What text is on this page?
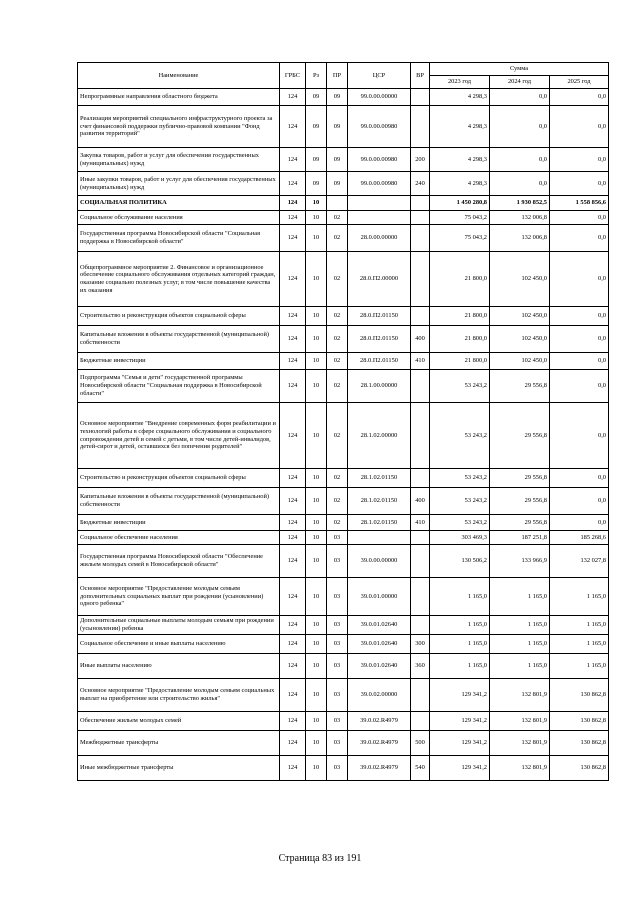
Наименование	ГРБС	Рз	ПР	ЦСР	ВР	Сумма		
						2023 год	2024 год	2025 год
Непрограммные направления областного бюджета	124	09	09	99.0.00.00000		4 298,3	0,0	0,0
Реализация мероприятий специального инфраструктурного проекта за счет финансовой поддержки публично-правовой компании "Фонд развития территорий"	124	09	09	99.0.00.00980		4 298,3	0,0	0,0
Закупка товаров, работ и услуг для обеспечения государственных (муниципальных) нужд	124	09	09	99.0.00.00980	200	4 298,3	0,0	0,0
Иные закупки товаров, работ и услуг для обеспечения государственных (муниципальных) нужд	124	09	09	99.0.00.00980	240	4 298,3	0,0	0,0
СОЦИАЛЬНАЯ ПОЛИТИКА	124	10				1 450 280,8	1 930 852,5	1 558 856,6
Социальное обслуживание населения	124	10	02			75 043,2	132 006,8	0,0
Государственная программа Новосибирской области "Социальная поддержка в Новосибирской области"	124	10	02	28.0.00.00000		75 043,2	132 006,8	0,0
Общепрограммное мероприятие 2. Финансовое и организационное обеспечение социального обслуживания отдельных категорий граждан, оказание социально полезных услуг, в том числе повышение качества их оказания	124	10	02	28.0.П2.00000		21 800,0	102 450,0	0,0
Строительство и реконструкция объектов социальной сферы	124	10	02	28.0.П2.01150		21 800,0	102 450,0	0,0
Капитальные вложения в объекты государственной (муниципальной) собственности	124	10	02	28.0.П2.01150	400	21 800,0	102 450,0	0,0
Бюджетные инвестиции	124	10	02	28.0.П2.01150	410	21 800,0	102 450,0	0,0
Подпрограмма "Семья и дети" государственной программы Новосибирской области "Социальная поддержка в Новосибирской области"	124	10	02	28.1.00.00000		53 243,2	29 556,8	0,0
Основное мероприятие "Внедрение современных форм реабилитации и технологий работы в сфере социального обслуживания и социального сопровождения детей и семей с детьми, в том числе детей-инвалидов, детей-сирот и детей, оставшихся без попечения родителей"	124	10	02	28.1.02.00000		53 243,2	29 556,8	0,0
Строительство и реконструкция объектов социальной сферы	124	10	02	28.1.02.01150		53 243,2	29 556,8	0,0
Капитальные вложения в объекты государственной (муниципальной) собственности	124	10	02	28.1.02.01150	400	53 243,2	29 556,8	0,0
Бюджетные инвестиции	124	10	02	28.1.02.01150	410	53 243,2	29 556,8	0,0
Социальное обеспечение населения	124	10	03			303 469,3	187 251,8	185 268,6
Государственная программа Новосибирской области "Обеспечение жильем молодых семей в Новосибирской области"	124	10	03	39.0.00.00000		130 506,2	133 966,9	132 027,8
Основное мероприятие "Предоставление молодым семьям дополнительных социальных выплат при рождении (усыновлении) одного ребенка"	124	10	03	39.0.01.00000		1 165,0	1 165,0	1 165,0
Дополнительные социальные выплаты молодым семьям при рождении (усыновлении) ребенка	124	10	03	39.0.01.02640		1 165,0	1 165,0	1 165,0
Социальное обеспечение и иные выплаты населению	124	10	03	39.0.01.02640	300	1 165,0	1 165,0	1 165,0
Иные выплаты населению	124	10	03	39.0.01.02640	360	1 165,0	1 165,0	1 165,0
Основное мероприятие "Предоставление молодым семьям социальных выплат на приобретение или строительство жилья"	124	10	03	39.0.02.00000		129 341,2	132 801,9	130 862,8
Обеспечение жильем молодых семей	124	10	03	39.0.02.R4979		129 341,2	132 801,9	130 862,8
Межбюджетные трансферты	124	10	03	39.0.02.R4979	500	129 341,2	132 801,9	130 862,8
Иные межбюджетные трансферты	124	10	03	39.0.02.R4979	540	129 341,2	132 801,9	130 862,8
Страница 83 из 191
